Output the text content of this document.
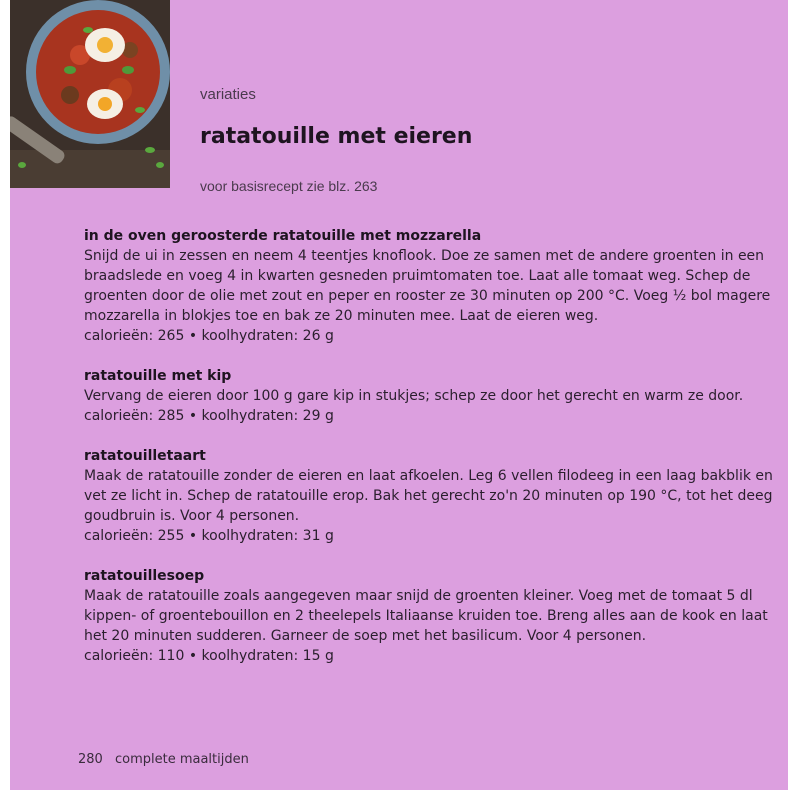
variaties
ratatouille met eieren
voor basisrecept zie blz. 263
in de oven geroosterde ratatouille met mozzarella

Snijd de ui in zessen en neem 4 teentjes knoflook. Doe ze samen met de andere groenten in een braadslede en voeg 4 in kwarten gesneden pruimtomaten toe. Laat alle tomaat weg. Schep de groenten door de olie met zout en peper en rooster ze 30 minuten op 200 °C. Voeg ½ bol magere mozzarella in blokjes toe en bak ze 20 minuten mee. Laat de eieren weg.

calorieën: 265 • koolhydraten: 26 g
ratatouille met kip

Vervang de eieren door 100 g gare kip in stukjes; schep ze door het gerecht en warm ze door.

calorieën: 285 • koolhydraten: 29 g
ratatouilletaart

Maak de ratatouille zonder de eieren en laat afkoelen. Leg 6 vellen filodeeg in een laag bakblik en vet ze licht in. Schep de ratatouille erop. Bak het gerecht zo'n 20 minuten op 190 °C, tot het deeg goudbruin is. Voor 4 personen.

calorieën: 255 • koolhydraten: 31 g
ratatouillesoep

Maak de ratatouille zoals aangegeven maar snijd de groenten kleiner. Voeg met de tomaat 5 dl kippen- of groentebouillon en 2 theelepels Italiaanse kruiden toe. Breng alles aan de kook en laat het 20 minuten sudderen. Garneer de soep met het basilicum. Voor 4 personen.

calorieën: 110 • koolhydraten: 15 g
280 complete maaltijden
